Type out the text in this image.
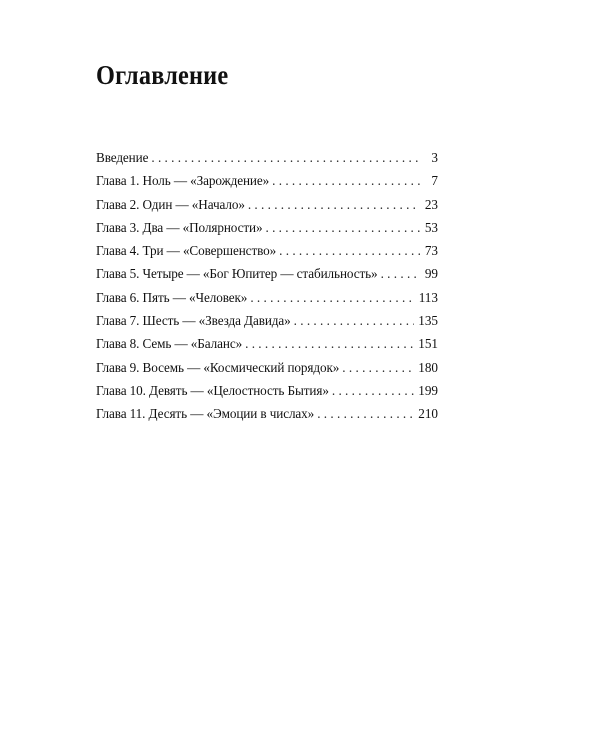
Оглавление
Введение . . .	3
Глава 1. Ноль — «Зарождение» . . .	7
Глава 2. Один — «Начало» . . .	23
Глава 3. Два — «Полярности» . . .	53
Глава 4. Три — «Совершенство» . . .	73
Глава 5. Четыре — «Бог Юпитер — стабильность» . . .	99
Глава 6. Пять — «Человек» . . .	113
Глава 7. Шесть — «Звезда Давида» . . .	135
Глава 8. Семь — «Баланс» . . .	151
Глава 9. Восемь — «Космический порядок» . . .	180
Глава 10. Девять — «Целостность Бытия» . . .	199
Глава 11. Десять — «Эмоции в числах» . . .	210
